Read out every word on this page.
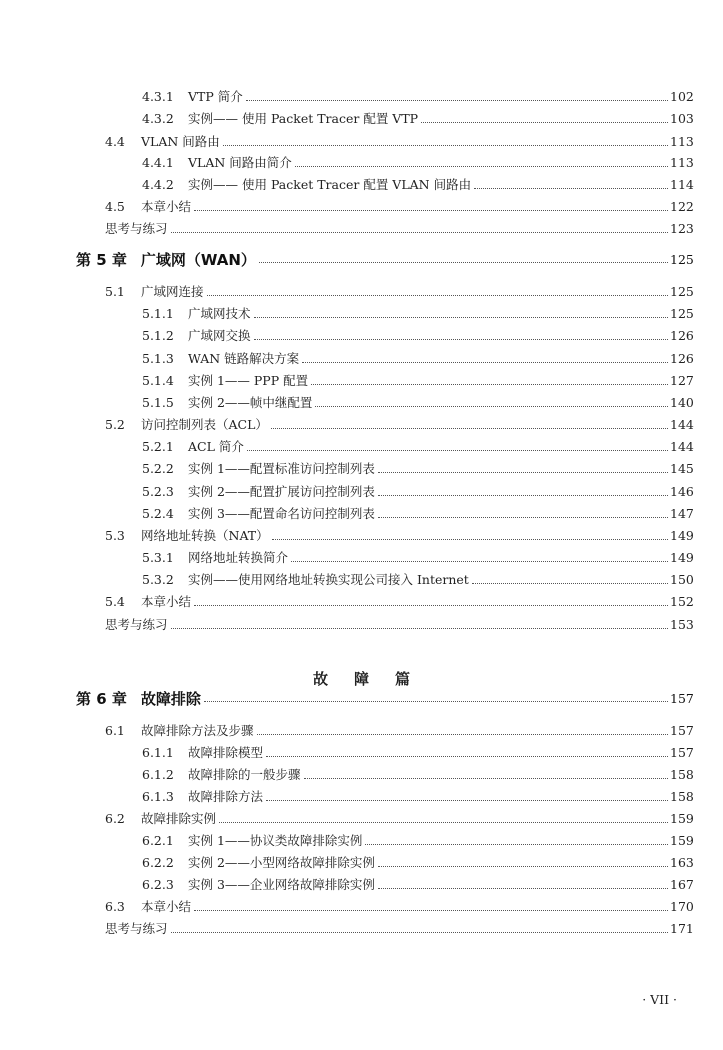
4.3.1	VTP 简介	102
4.3.2	实例—— 使用 Packet Tracer 配置 VTP	103
4.4	VLAN 间路由	113
4.4.1	VLAN 间路由简介	113
4.4.2	实例—— 使用 Packet Tracer 配置 VLAN 间路由	114
4.5	本章小结	122
思考与练习	123
第 5 章 广域网（WAN）	125
5.1	广域网连接	125
5.1.1	广域网技术	125
5.1.2	广域网交换	126
5.1.3	WAN 链路解决方案	126
5.1.4	实例 1—— PPP 配置	127
5.1.5	实例 2——帧中继配置	140
5.2	访问控制列表（ACL）	144
5.2.1	ACL 简介	144
5.2.2	实例 1——配置标准访问控制列表	145
5.2.3	实例 2——配置扩展访问控制列表	146
5.2.4	实例 3——配置命名访问控制列表	147
5.3	网络地址转换（NAT）	149
5.3.1	网络地址转换简介	149
5.3.2	实例——使用网络地址转换实现公司接入 Internet	150
5.4	本章小结	152
思考与练习	153
故障篇
第 6 章 故障排除	157
6.1	故障排除方法及步骤	157
6.1.1	故障排除模型	157
6.1.2	故障排除的一般步骤	158
6.1.3	故障排除方法	158
6.2	故障排除实例	159
6.2.1	实例 1——协议类故障排除实例	159
6.2.2	实例 2——小型网络故障排除实例	163
6.2.3	实例 3——企业网络故障排除实例	167
6.3	本章小结	170
思考与练习	171
· VII ·
